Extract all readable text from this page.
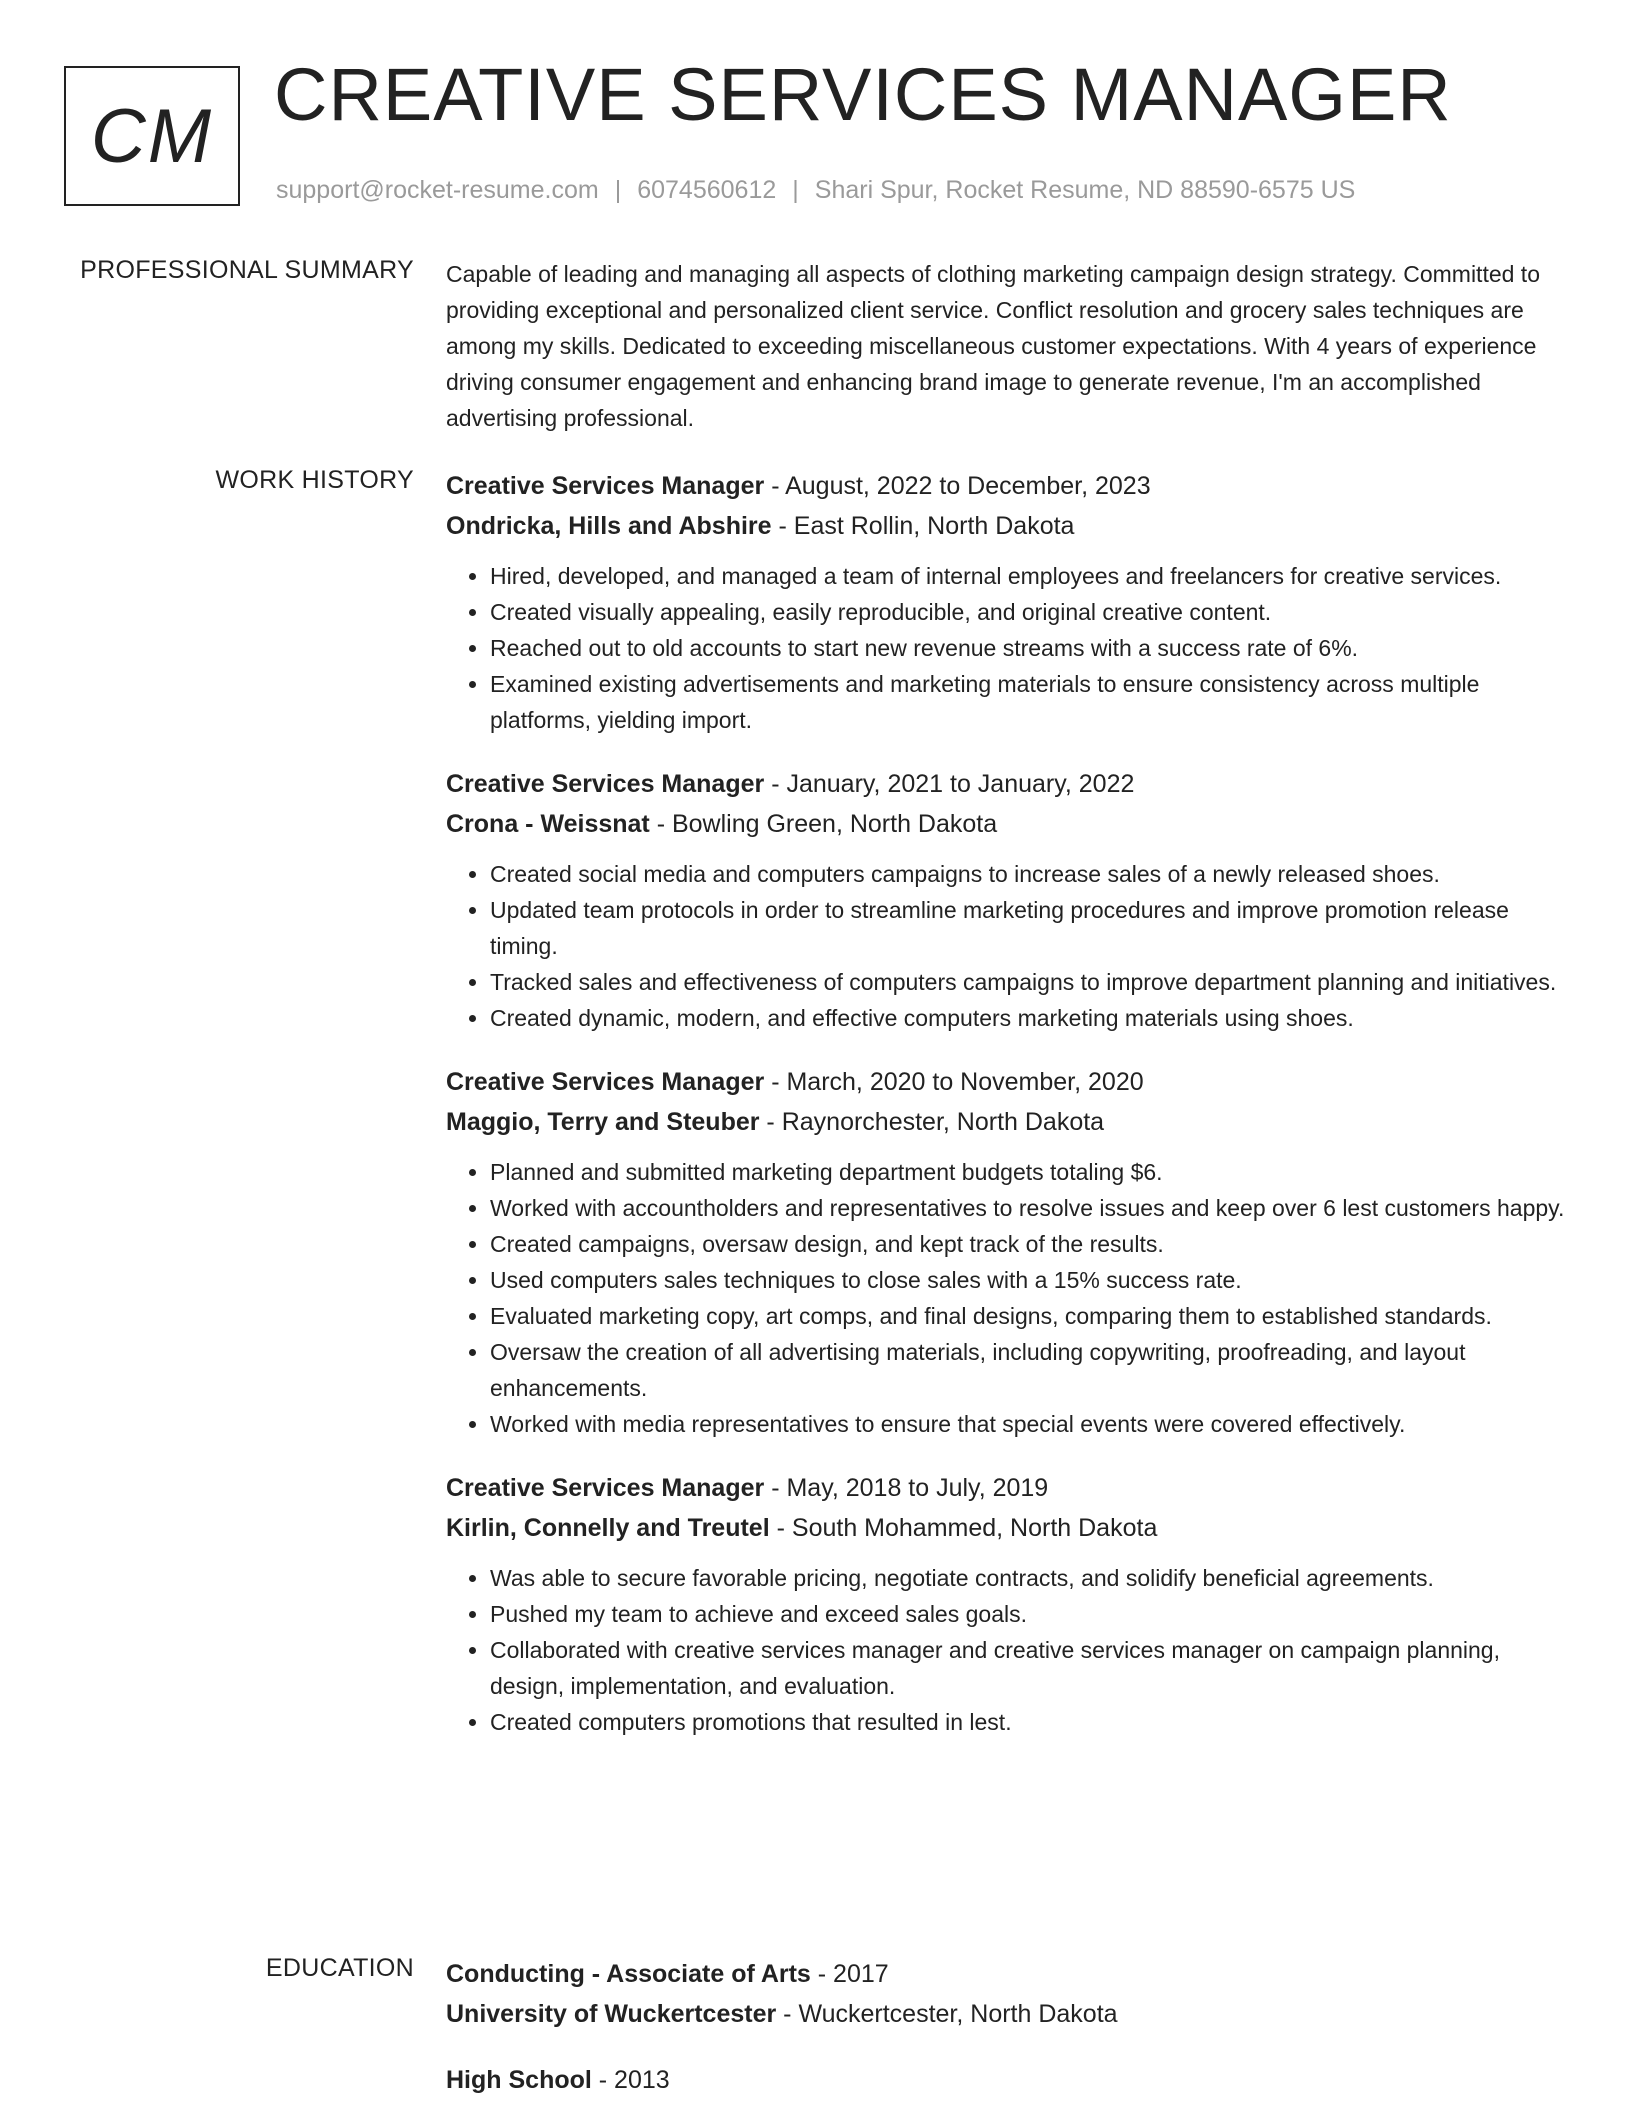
CM CREATIVE SERVICES MANAGER
support@rocket-resume.com | 6074560612 | Shari Spur, Rocket Resume, ND 88590-6575 US
PROFESSIONAL SUMMARY Capable of leading and managing all aspects of clothing marketing campaign design strategy. Committed to providing exceptional and personalized client service. Conflict resolution and grocery sales techniques are among my skills. Dedicated to exceeding miscellaneous customer expectations. With 4 years of experience driving consumer engagement and enhancing brand image to generate revenue, I'm an accomplished advertising professional.

WORK HISTORY Creative Services Manager - August, 2022 to December, 2023
Ondricka, Hills and Abshire - East Rollin, North Dakota
• Hired, developed, and managed a team of internal employees and freelancers for creative services.
• Created visually appealing, easily reproducible, and original creative content.
• Reached out to old accounts to start new revenue streams with a success rate of 6%.
• Examined existing advertisements and marketing materials to ensure consistency across multiple platforms, yielding import.
Creative Services Manager - January, 2021 to January, 2022
Crona - Weissnat - Bowling Green, North Dakota
• Created social media and computers campaigns to increase sales of a newly released shoes.
• Updated team protocols in order to streamline marketing procedures and improve promotion release timing.
• Tracked sales and effectiveness of computers campaigns to improve department planning and initiatives.
• Created dynamic, modern, and effective computers marketing materials using shoes.
Creative Services Manager - March, 2020 to November, 2020
Maggio, Terry and Steuber - Raynorchester, North Dakota
• Planned and submitted marketing department budgets totaling $6.
• Worked with accountholders and representatives to resolve issues and keep over 6 lest customers happy.
• Created campaigns, oversaw design, and kept track of the results.
• Used computers sales techniques to close sales with a 15% success rate.
• Evaluated marketing copy, art comps, and final designs, comparing them to established standards.
• Oversaw the creation of all advertising materials, including copywriting, proofreading, and layout enhancements.
• Worked with media representatives to ensure that special events were covered effectively.
Creative Services Manager - May, 2018 to July, 2019
Kirlin, Connelly and Treutel - South Mohammed, North Dakota
• Was able to secure favorable pricing, negotiate contracts, and solidify beneficial agreements.
• Pushed my team to achieve and exceed sales goals.
• Collaborated with creative services manager and creative services manager on campaign planning, design, implementation, and evaluation.
• Created computers promotions that resulted in lest.
EDUCATION Conducting - Associate of Arts - 2017
University of Wuckertcester - Wuckertcester, North Dakota
High School - 2013
